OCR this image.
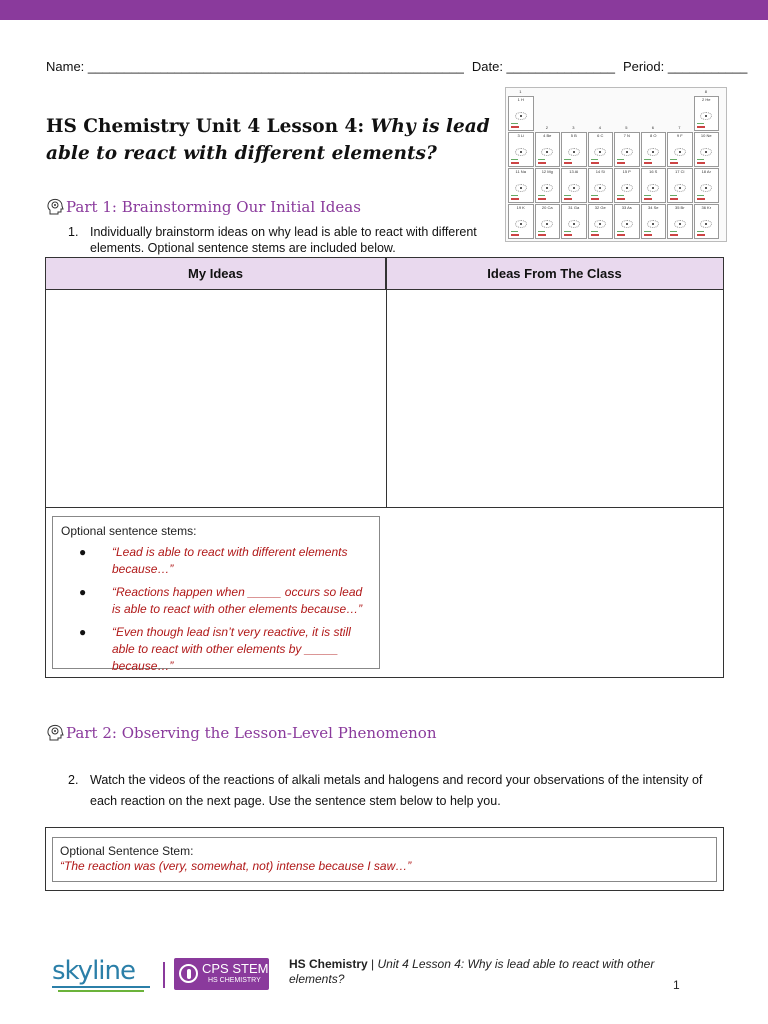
Name: ____________________________________________________ Date: _______________ Period: ___________
HS Chemistry Unit 4 Lesson 4: Why is lead able to react with different elements?
1 H	2 He
3 Li	4 Be	5 B	6 C	7 N	8 O	9 F	10 Ne
11 Na	12 Mg	13 Al	14 Si	15 P	16 S	17 Cl	18 Ar
19 K	20 Ca	31 Ga	32 Ge	33 As	34 Se	35 Br	36 Kr
1	8
2	3	4	5	6	7
Part 1: Brainstorming Our Initial Ideas
1. Individually brainstorm ideas on why lead is able to react with different elements. Optional sentence stems are included below.
My Ideas	Ideas From The Class
Optional sentence stems:
● “Lead is able to react with different elements because…”
● “Reactions happen when _____ occurs so lead is able to react with other elements because…”
● “Even though lead isn’t very reactive, it is still able to react with other elements by _____ because…”
Part 2: Observing the Lesson-Level Phenomenon
2. Watch the videos of the reactions of alkali metals and halogens and record your observations of the intensity of each reaction on the next page. Use the sentence stem below to help you.
Optional Sentence Stem:
“The reaction was (very, somewhat, not) intense because I saw…”
skyline	CPS STEM
HS CHEMISTRY
HS Chemistry | Unit 4 Lesson 4: Why is lead able to react with other elements?	1
